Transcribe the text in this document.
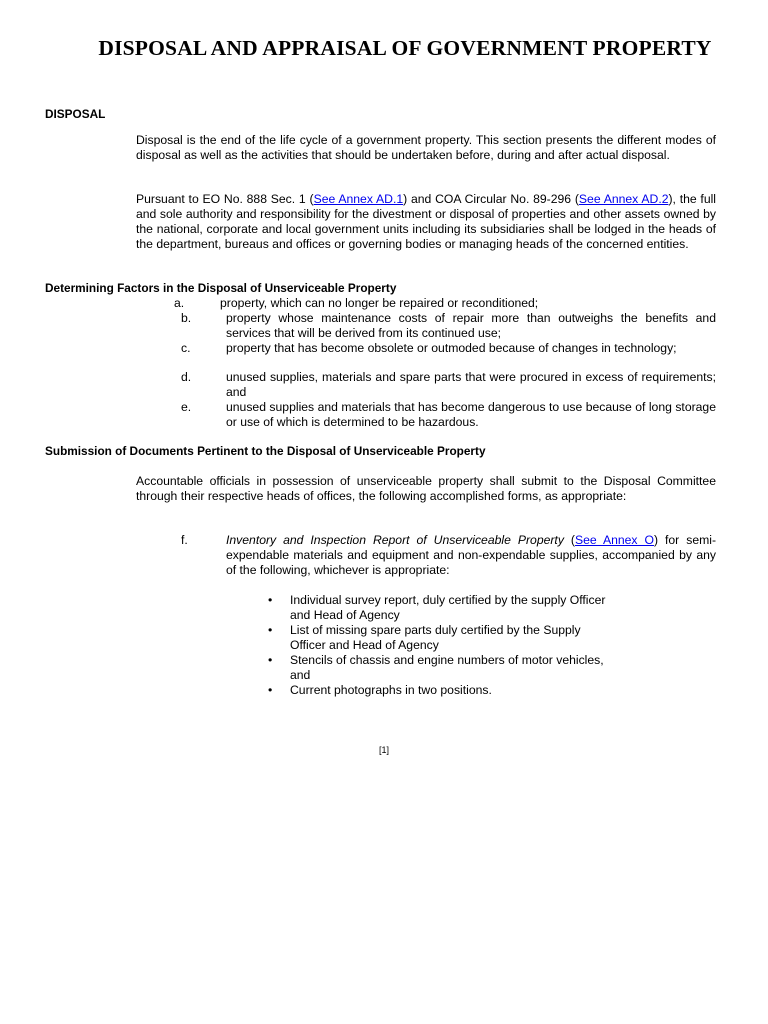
DISPOSAL AND APPRAISAL OF GOVERNMENT PROPERTY
DISPOSAL

Disposal is the end of the life cycle of a government property. This section presents the different modes of disposal as well as the activities that should be undertaken before, during and after actual disposal.

Pursuant to EO No. 888 Sec. 1 (See Annex AD.1) and COA Circular No. 89-296 (See Annex AD.2), the full and sole authority and responsibility for the divestment or disposal of properties and other assets owned by the national, corporate and local government units including its subsidiaries shall be lodged in the heads of the department, bureaus and offices or governing bodies or managing heads of the concerned entities.

Determining Factors in the Disposal of Unserviceable Property
a.	property, which can no longer be repaired or reconditioned;
b.	property whose maintenance costs of repair more than outweighs the benefits and services that will be derived from its continued use;
c.	property that has become obsolete or outmoded because of changes in technology;
d.	unused supplies, materials and spare parts that were procured in excess of requirements; and
e.	unused supplies and materials that has become dangerous to use because of long storage or use of which is determined to be hazardous.
Submission of Documents Pertinent to the Disposal of Unserviceable Property

Accountable officials in possession of unserviceable property shall submit to the Disposal Committee through their respective heads of offices, the following accomplished forms, as appropriate:

f.	Inventory and Inspection Report of Unserviceable Property (See Annex O) for semi-expendable materials and equipment and non-expendable supplies, accompanied by any of the following, whichever is appropriate:
• Individual survey report, duly certified by the supply Officer and Head of Agency
• List of missing spare parts duly certified by the Supply Officer and Head of Agency
• Stencils of chassis and engine numbers of motor vehicles, and
• Current photographs in two positions.
[1]
